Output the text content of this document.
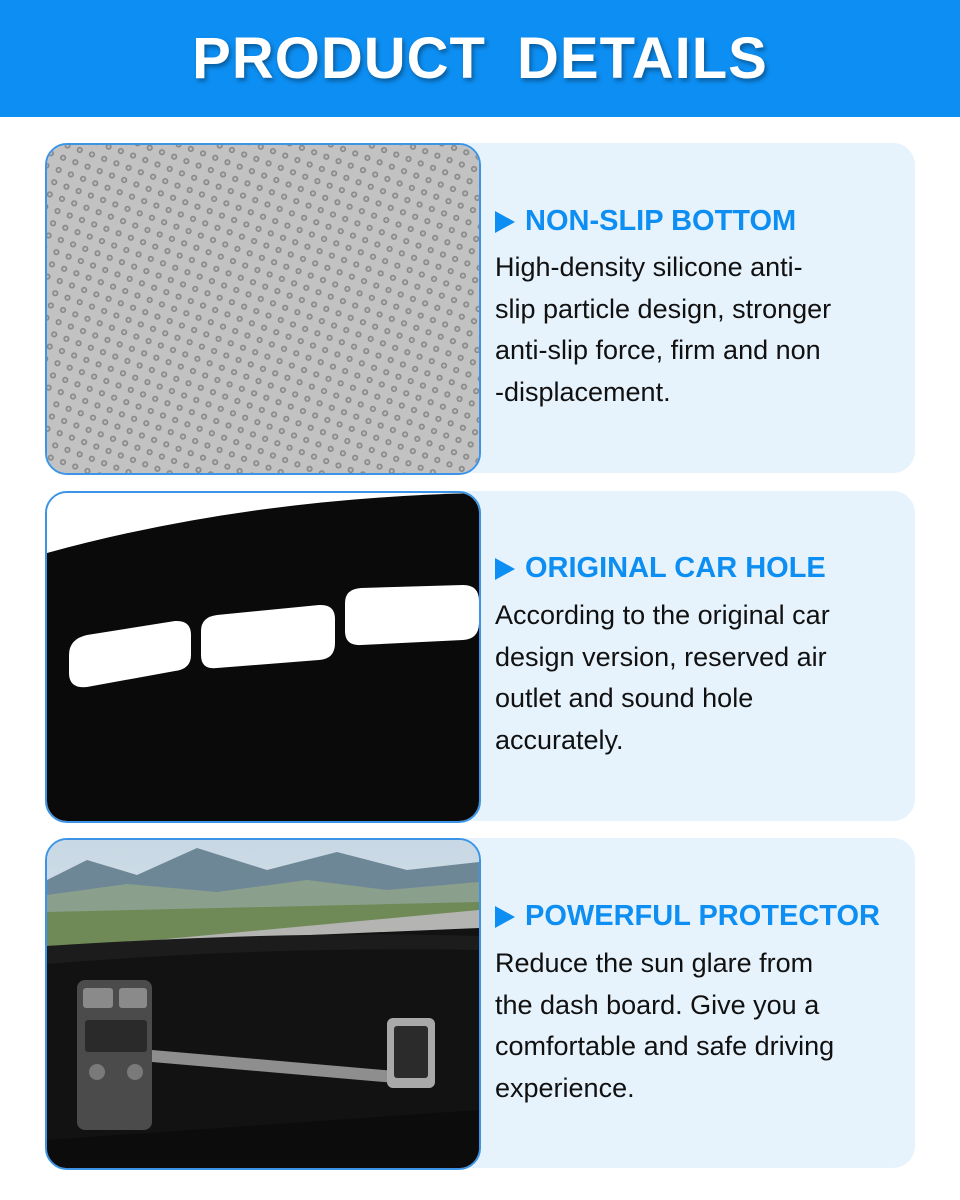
PRODUCT DETAILS
NON-SLIP BOTTOM
High-density silicone anti-
slip particle design, stronger
anti-slip force, firm and non
-displacement.
ORIGINAL CAR HOLE
According to the original car
design version, reserved air
outlet and sound hole
accurately.
POWERFUL PROTECTOR
Reduce the sun glare from
the dash board. Give you a
comfortable and safe driving
experience.
